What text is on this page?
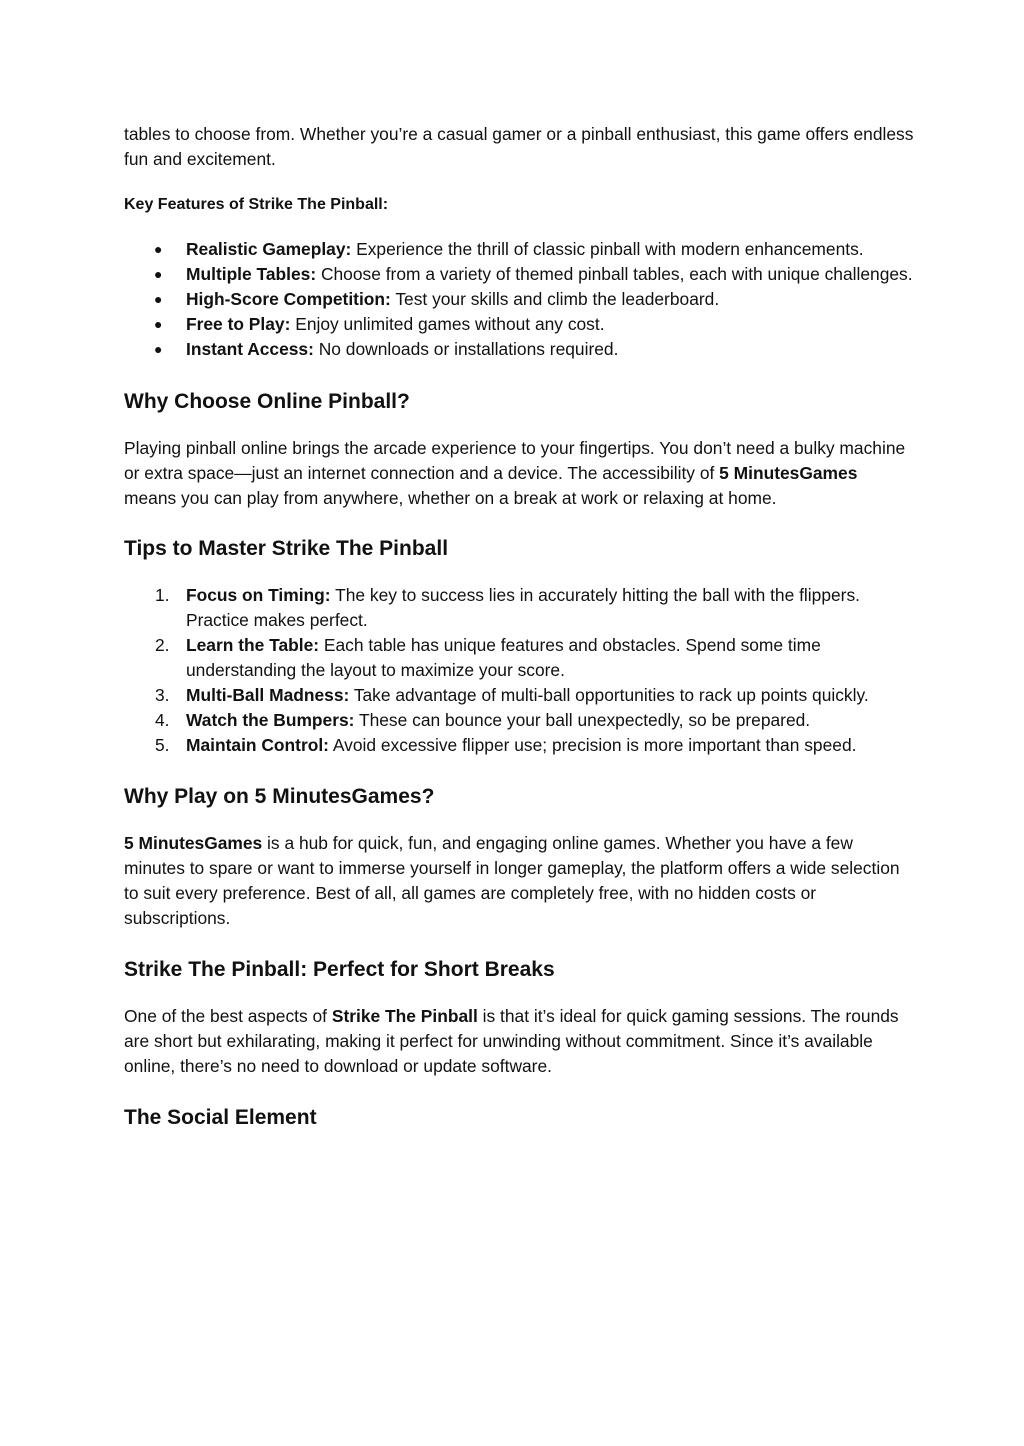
tables to choose from. Whether you’re a casual gamer or a pinball enthusiast, this game offers endless fun and excitement.

Key Features of Strike The Pinball:

● Realistic Gameplay: Experience the thrill of classic pinball with modern enhancements.
● Multiple Tables: Choose from a variety of themed pinball tables, each with unique challenges.
● High-Score Competition: Test your skills and climb the leaderboard.
● Free to Play: Enjoy unlimited games without any cost.
● Instant Access: No downloads or installations required.
Why Choose Online Pinball?

Playing pinball online brings the arcade experience to your fingertips. You don’t need a bulky machine or extra space—just an internet connection and a device. The accessibility of 5 MinutesGames means you can play from anywhere, whether on a break at work or relaxing at home.

Tips to Master Strike The Pinball
1. Focus on Timing: The key to success lies in accurately hitting the ball with the flippers. Practice makes perfect.
2. Learn the Table: Each table has unique features and obstacles. Spend some time understanding the layout to maximize your score.
3. Multi-Ball Madness: Take advantage of multi-ball opportunities to rack up points quickly.
4. Watch the Bumpers: These can bounce your ball unexpectedly, so be prepared.
5. Maintain Control: Avoid excessive flipper use; precision is more important than speed.
Why Play on 5 MinutesGames?

5 MinutesGames is a hub for quick, fun, and engaging online games. Whether you have a few minutes to spare or want to immerse yourself in longer gameplay, the platform offers a wide selection to suit every preference. Best of all, all games are completely free, with no hidden costs or subscriptions.

Strike The Pinball: Perfect for Short Breaks

One of the best aspects of Strike The Pinball is that it’s ideal for quick gaming sessions. The rounds are short but exhilarating, making it perfect for unwinding without commitment. Since it’s available online, there’s no need to download or update software.

The Social Element
